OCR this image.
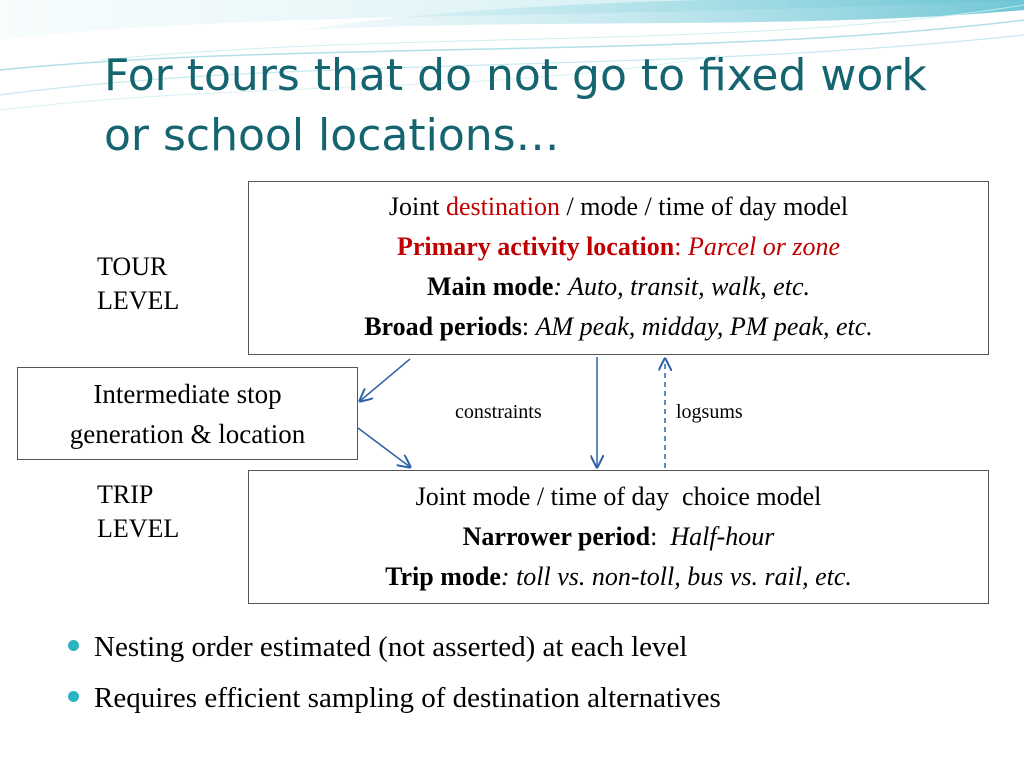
For tours that do not go to fixed work or school locations…
TOUR
LEVEL
Joint destination / mode / time of day model
Primary activity location: Parcel or zone
Main mode: Auto, transit, walk, etc.
Broad periods: AM peak, midday, PM peak, etc.
Intermediate stop
generation & location
constraints	logsums
TRIP
LEVEL
Joint mode / time of day  choice model
Narrower period:  Half-hour
Trip mode: toll vs. non-toll, bus vs. rail, etc.
Nesting order estimated (not asserted) at each level
Requires efficient sampling of destination alternatives
